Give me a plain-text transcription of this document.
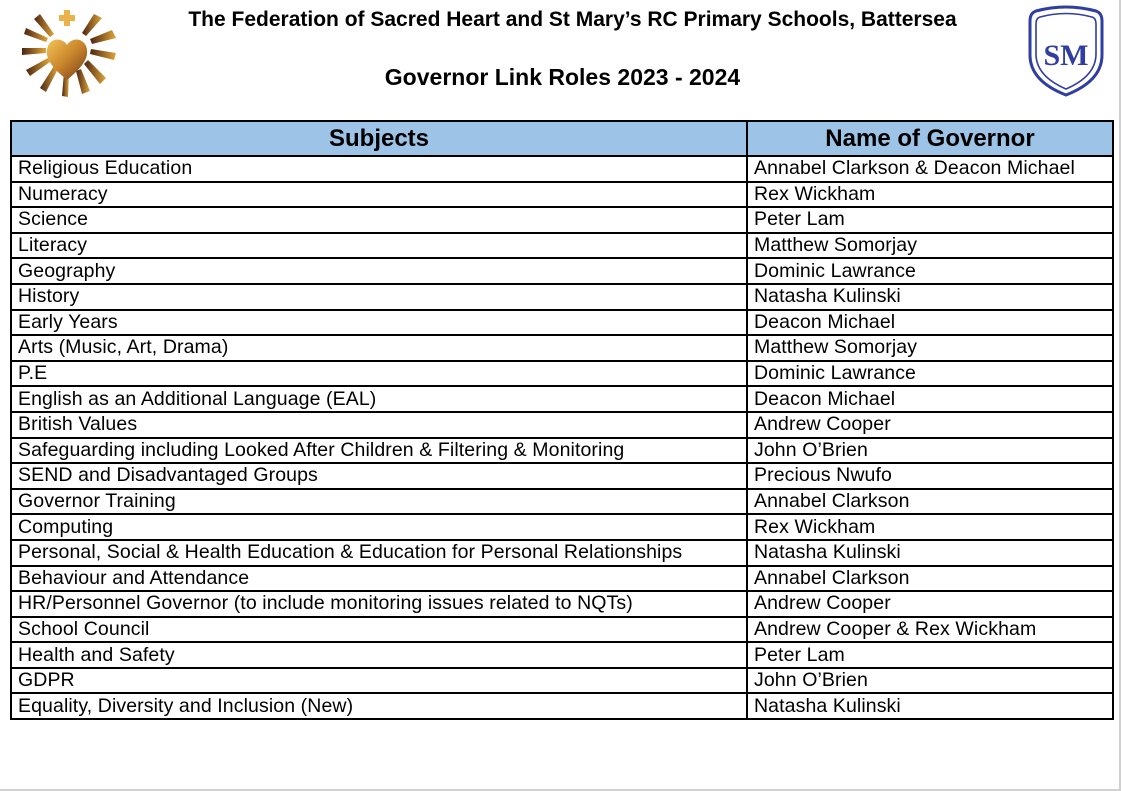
The Federation of Sacred Heart and St Mary’s RC Primary Schools, Battersea
Governor Link Roles 2023 - 2024
SM
Subjects	Name of Governor
Religious Education	Annabel Clarkson & Deacon Michael
Numeracy	Rex Wickham
Science	Peter Lam
Literacy	Matthew Somorjay
Geography	Dominic Lawrance
History	Natasha Kulinski
Early Years	Deacon Michael
Arts (Music, Art, Drama)	Matthew Somorjay
P.E	Dominic Lawrance
English as an Additional Language (EAL)	Deacon Michael
British Values	Andrew Cooper
Safeguarding including Looked After Children & Filtering & Monitoring	John O’Brien
SEND and Disadvantaged Groups	Precious Nwufo
Governor Training	Annabel Clarkson
Computing	Rex Wickham
Personal, Social & Health Education & Education for Personal Relationships	Natasha Kulinski
Behaviour and Attendance	Annabel Clarkson
HR/Personnel Governor (to include monitoring issues related to NQTs)	Andrew Cooper
School Council	Andrew Cooper & Rex Wickham
Health and Safety	Peter Lam
GDPR	John O’Brien
Equality, Diversity and Inclusion (New)	Natasha Kulinski
